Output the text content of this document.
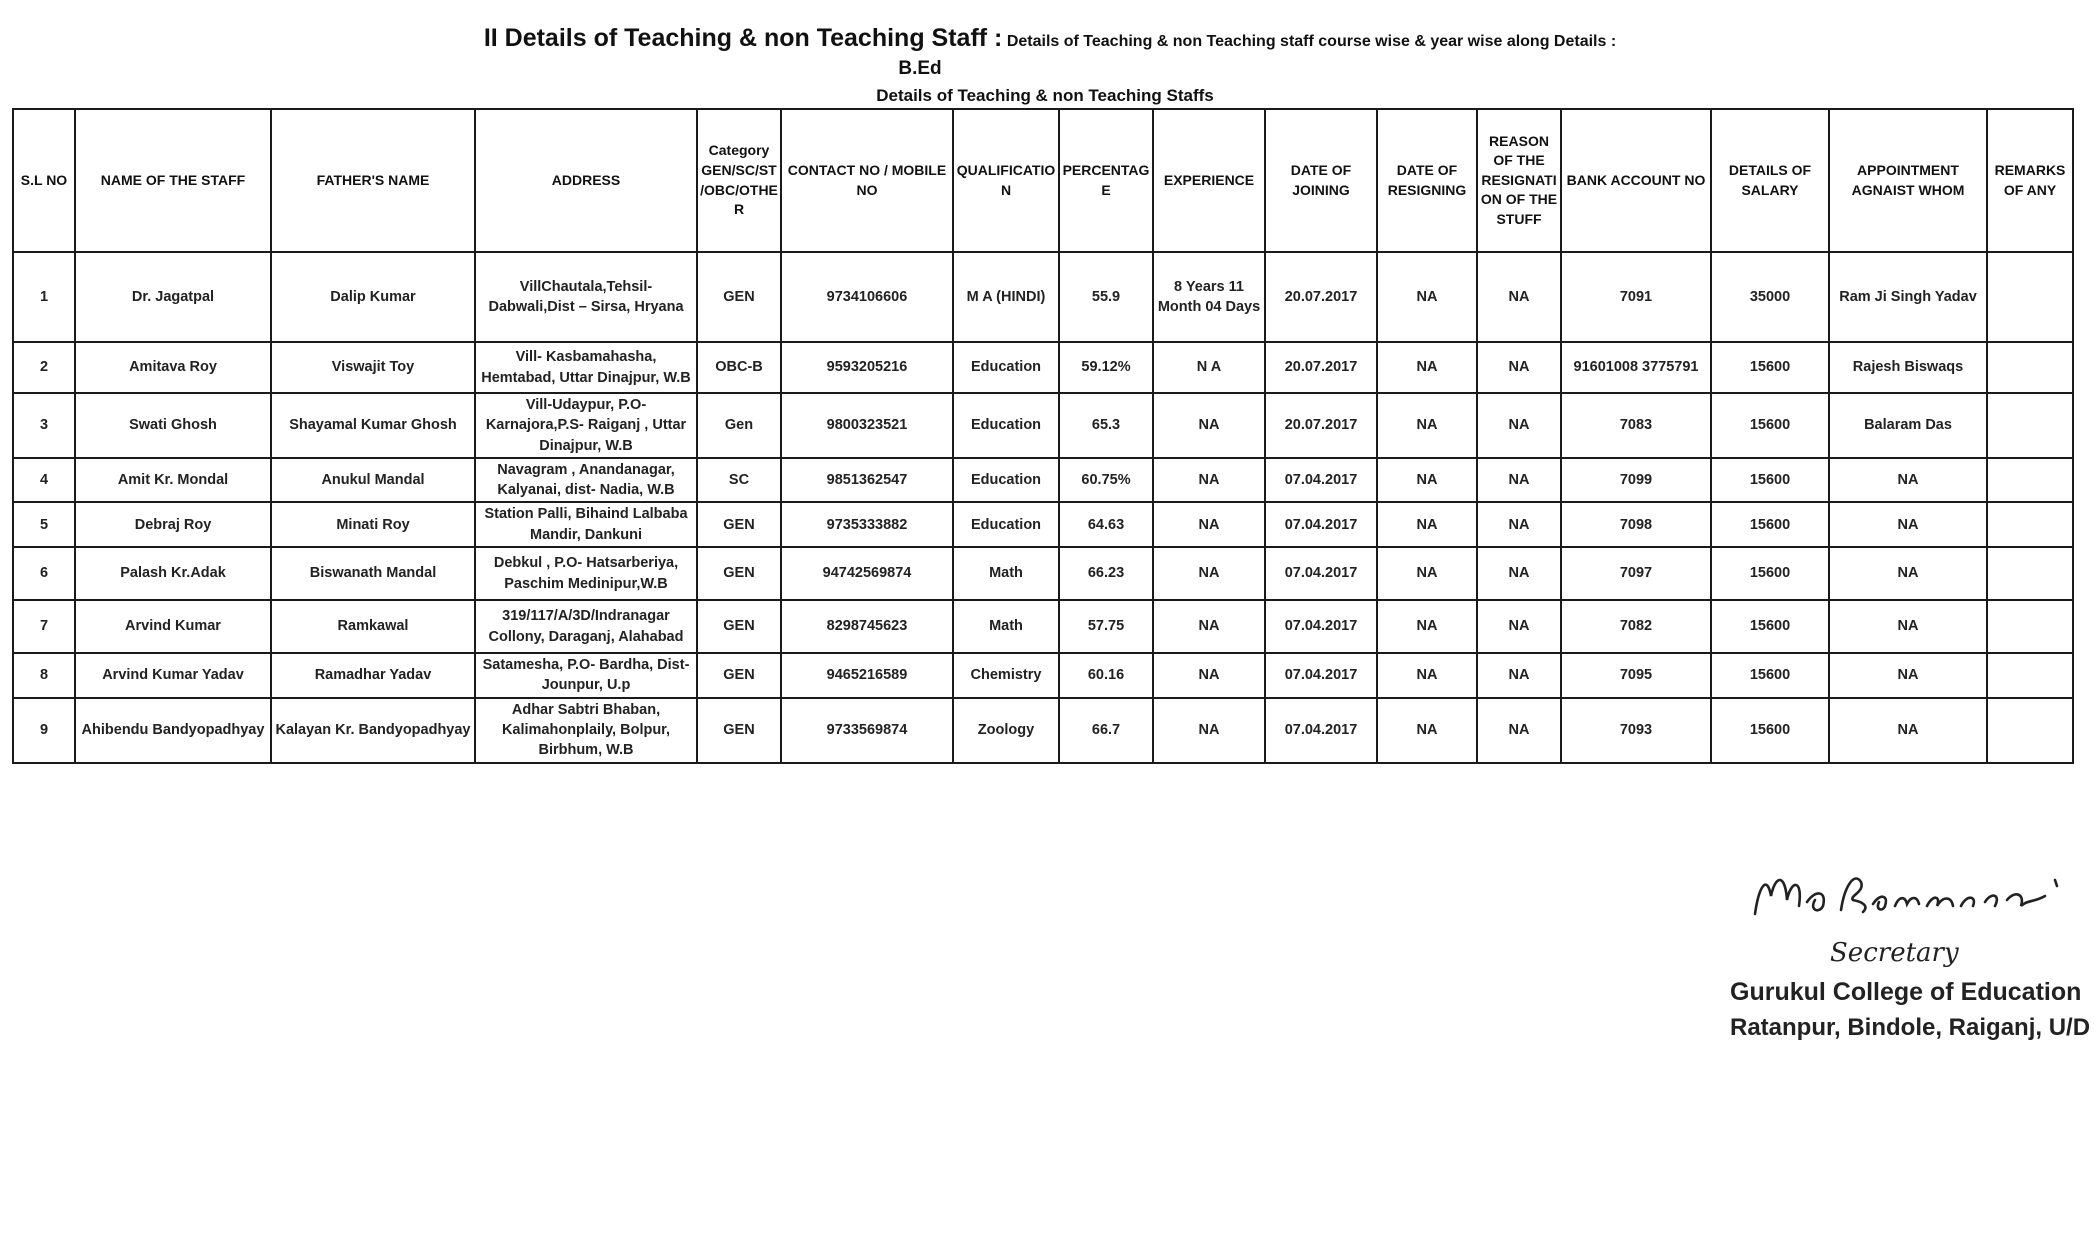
II Details of Teaching & non Teaching Staff : Details of Teaching & non Teaching staff course wise & year wise along Details :
B.Ed
Details of Teaching & non Teaching Staffs
S.L NO	NAME OF THE STAFF	FATHER'S NAME	ADDRESS	Category GEN/SC/ST/OBC/OTHER	CONTACT NO / MOBILE NO	QUALIFICATION	PERCENTAGE	EXPERIENCE	DATE OF JOINING	DATE OF RESIGNING	REASON OF THE RESIGNATION OF THE STUFF	BANK ACCOUNT NO	DETAILS OF SALARY	APPOINTMENT AGNAIST WHOM	REMARKS OF ANY
1	Dr. Jagatpal	Dalip Kumar	VillChautala,Tehsil-Dabwali,Dist – Sirsa, Hryana	GEN	9734106606	M A (HINDI)	55.9	8 Years 11 Month 04 Days	20.07.2017	NA	NA	7091	35000	Ram Ji Singh Yadav	
2	Amitava Roy	Viswajit Toy	Vill- Kasbamahasha, Hemtabad, Uttar Dinajpur, W.B	OBC-B	9593205216	Education	59.12%	N A	20.07.2017	NA	NA	91601008 3775791	15600	Rajesh Biswaqs	
3	Swati Ghosh	Shayamal Kumar Ghosh	Vill-Udaypur, P.O-Karnajora,P.S- Raiganj , Uttar Dinajpur, W.B	Gen	9800323521	Education	65.3	NA	20.07.2017	NA	NA	7083	15600	Balaram Das	
4	Amit Kr. Mondal	Anukul Mandal	Navagram , Anandanagar, Kalyanai, dist- Nadia, W.B	SC	9851362547	Education	60.75%	NA	07.04.2017	NA	NA	7099	15600	NA	
5	Debraj Roy	Minati Roy	Station Palli, Bihaind Lalbaba Mandir, Dankuni	GEN	9735333882	Education	64.63	NA	07.04.2017	NA	NA	7098	15600	NA	
6	Palash Kr.Adak	Biswanath Mandal	Debkul , P.O- Hatsarberiya, Paschim Medinipur,W.B	GEN	94742569874	Math	66.23	NA	07.04.2017	NA	NA	7097	15600	NA	
7	Arvind Kumar	Ramkawal	319/117/A/3D/Indranagar Collony, Daraganj, Alahabad	GEN	8298745623	Math	57.75	NA	07.04.2017	NA	NA	7082	15600	NA	
8	Arvind Kumar Yadav	Ramadhar Yadav	Satamesha, P.O- Bardha, Dist- Jounpur, U.p	GEN	9465216589	Chemistry	60.16	NA	07.04.2017	NA	NA	7095	15600	NA	
9	Ahibendu Bandyopadhyay	Kalayan Kr. Bandyopadhyay	Adhar Sabtri Bhaban, Kalimahonplaily, Bolpur, Birbhum, W.B	GEN	9733569874	Zoology	66.7	NA	07.04.2017	NA	NA	7093	15600	NA	
Secretary
Gurukul College of Education
Ratanpur, Bindole, Raiganj, U/D
